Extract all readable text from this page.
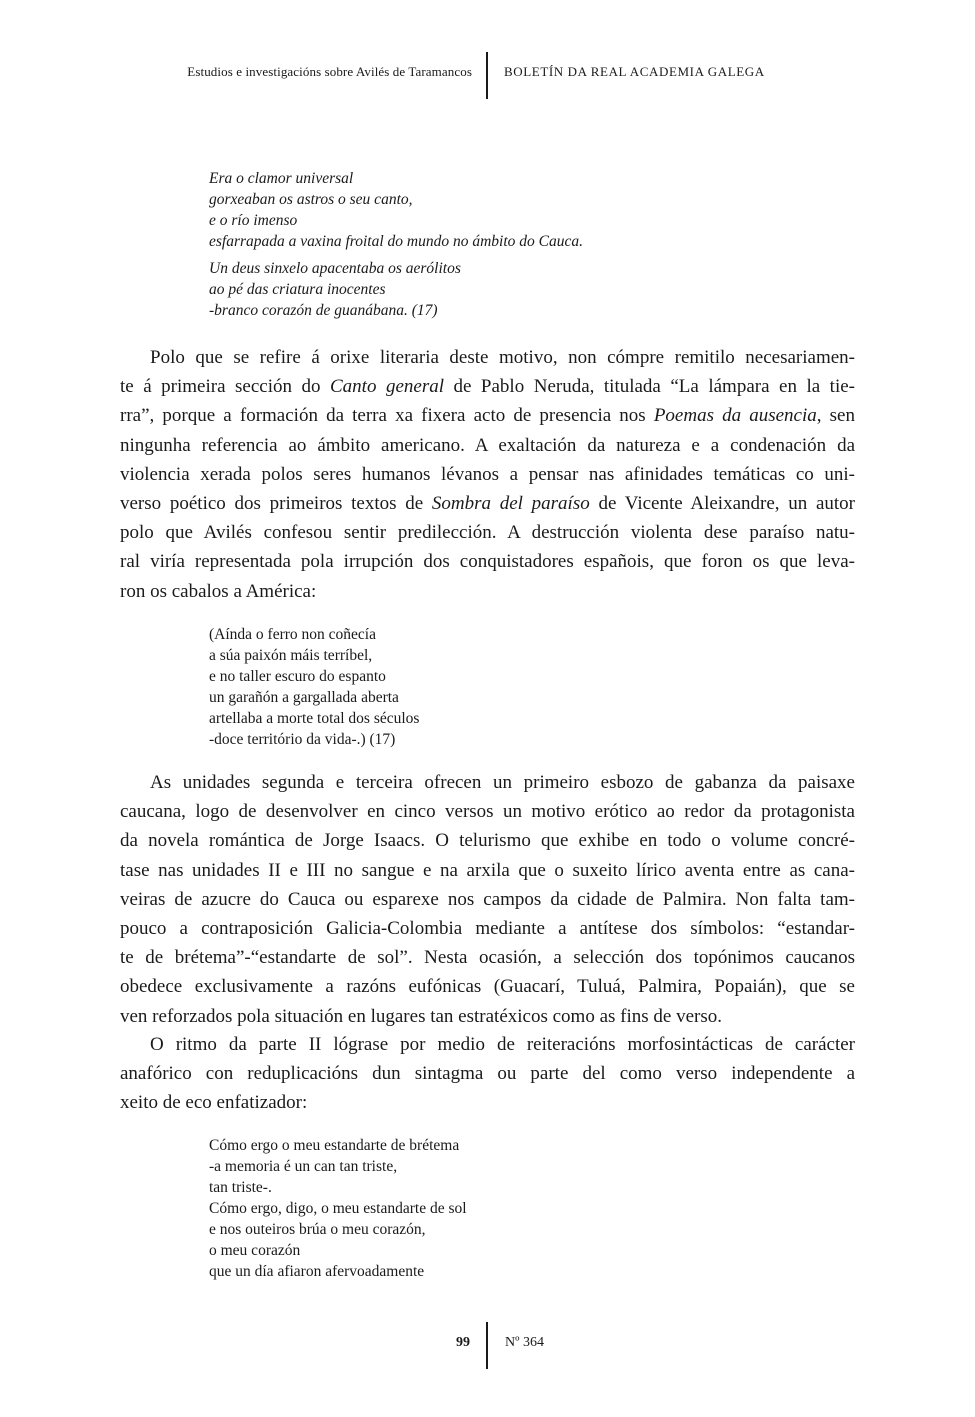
Estudios e investigacións sobre Avilés de Taramancos BOLETÍN DA REAL ACADEMIA GALEGA
Era o clamor universal
gorxeaban os astros o seu canto,
e o río imenso
esfarrapada a vaxina froital do mundo no ámbito do Cauca.
Un deus sinxelo apacentaba os aerólitos
ao pé das criatura inocentes
-branco corazón de guanábana. (17)
Polo que se refire á orixe literaria deste motivo, non cómpre remitilo necesariamen-
te á primeira sección do Canto general de Pablo Neruda, titulada “La lámpara en la tie-
rra”, porque a formación da terra xa fixera acto de presencia nos Poemas da ausencia, sen
ningunha referencia ao ámbito americano. A exaltación da natureza e a condenación da
violencia xerada polos seres humanos lévanos a pensar nas afinidades temáticas co uni-
verso poético dos primeiros textos de Sombra del paraíso de Vicente Aleixandre, un autor
polo que Avilés confesou sentir predilección. A destrucción violenta dese paraíso natu-
ral viría representada pola irrupción dos conquistadores españois, que foron os que leva-
ron os cabalos a América:
(Aínda o ferro non coñecía
a súa paixón máis terríbel,
e no taller escuro do espanto
un garañón a gargallada aberta
artellaba a morte total dos séculos
-doce território da vida-.) (17)
As unidades segunda e terceira ofrecen un primeiro esbozo de gabanza da paisaxe
caucana, logo de desenvolver en cinco versos un motivo erótico ao redor da protagonista
da novela romántica de Jorge Isaacs. O telurismo que exhibe en todo o volume concré-
tase nas unidades II e III no sangue e na arxila que o suxeito lírico aventa entre as cana-
veiras de azucre do Cauca ou esparexe nos campos da cidade de Palmira. Non falta tam-
pouco a contraposición Galicia-Colombia mediante a antítese dos símbolos: “estandar-
te de brétema”-“estandarte de sol”. Nesta ocasión, a selección dos topónimos caucanos
obedece exclusivamente a razóns eufónicas (Guacarí, Tuluá, Palmira, Popaián), que se
ven reforzados pola situación en lugares tan estratéxicos como as fins de verso.
O ritmo da parte II lógrase por medio de reiteracións morfosintácticas de carácter
anafórico con reduplicacións dun sintagma ou parte del como verso independente a
xeito de eco enfatizador:
Cómo ergo o meu estandarte de brétema
-a memoria é un can tan triste,
tan triste-.
Cómo ergo, digo, o meu estandarte de sol
e nos outeiros brúa o meu corazón,
o meu corazón
que un día afiaron afervoadamente
99	Nº 364
